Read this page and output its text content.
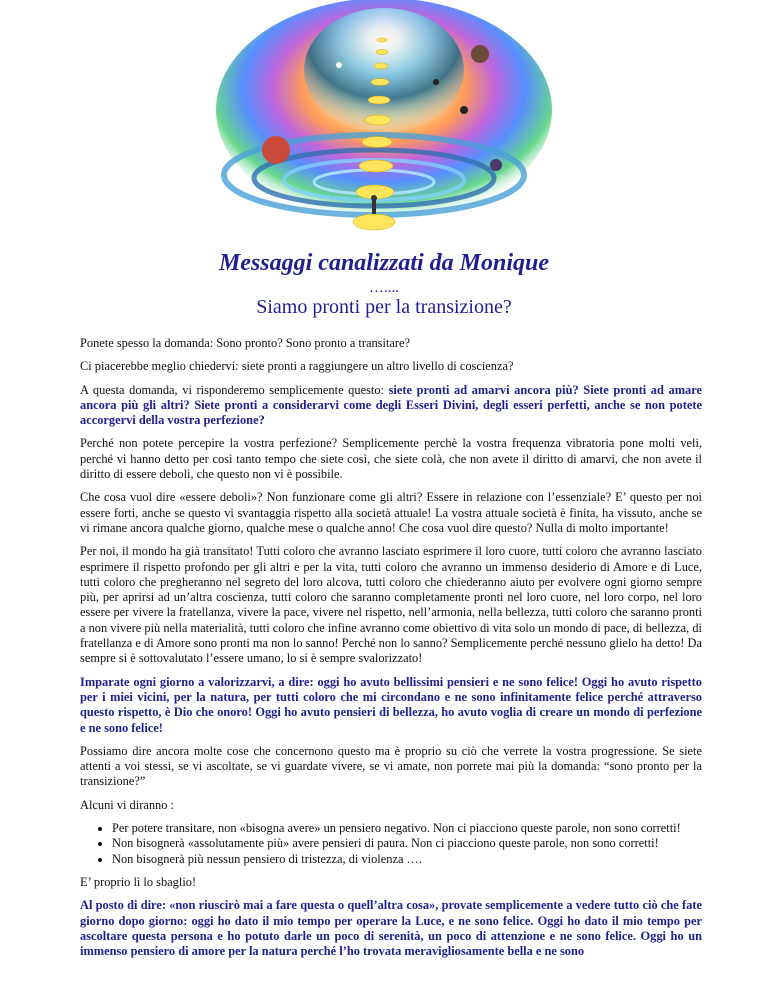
Messaggi canalizzati da Monique
…....
Siamo pronti per la transizione?

Ponete spesso la domanda: Sono pronto? Sono pronto a transitare?

Ci piacerebbe meglio chiedervi: siete pronti a raggiungere un altro livello di coscienza?

A questa domanda, vi risponderemo semplicemente questo: siete pronti ad amarvi ancora più? Siete pronti ad amare ancora più gli altri? Siete pronti a considerarvi come degli Esseri Divini, degli esseri perfetti, anche se non potete accorgervi della vostra perfezione?

Perché non potete percepire la vostra perfezione? Semplicemente perchè la vostra frequenza vibratoria pone molti veli, perché vi hanno detto per così tanto tempo che siete così, che siete colà, che non avete il diritto di amarvi, che non avete il diritto di essere deboli, che questo non vi è possibile.

Che cosa vuol dire «essere deboli»? Non funzionare come gli altri? Essere in relazione con l’essenziale? E’ questo per noi essere forti, anche se questo vi svantaggia rispetto alla società attuale! La vostra attuale società è finita, ha vissuto, anche se vi rimane ancora qualche giorno, qualche mese o qualche anno! Che cosa vuol dire questo? Nulla di molto importante!

Per noi, il mondo ha già transitato! Tutti coloro che avranno lasciato esprimere il loro cuore, tutti coloro che avranno lasciato esprimere il rispetto profondo per gli altri e per la vita, tutti coloro che avranno un immenso desiderio di Amore e di Luce, tutti coloro che pregheranno nel segreto del loro alcova, tutti coloro che chiederanno aiuto per evolvere ogni giorno sempre più, per aprirsi ad un’altra coscienza, tutti coloro che saranno completamente pronti nel loro cuore, nel loro corpo, nel loro essere per vivere la fratellanza, vivere la pace, vivere nel rispetto, nell’armonia, nella bellezza, tutti coloro che saranno pronti a non vivere più nella materialità, tutti coloro che infine avranno come obiettivo di vita solo un mondo di pace, di bellezza, di fratellanza e di Amore sono pronti ma non lo sanno! Perché non lo sanno? Semplicemente perché nessuno glielo ha detto! Da sempre si è sottovalutato l’essere umano, lo si è sempre svalorizzato!

Imparate ogni giorno a valorizzarvi, a dire: oggi ho avuto bellissimi pensieri e ne sono felice! Oggi ho avuto rispetto per i miei vicini, per la natura, per tutti coloro che mi circondano e ne sono infinitamente felice perché attraverso questo rispetto, è Dio che onoro! Oggi ho avuto pensieri di bellezza, ho avuto voglia di creare un mondo di perfezione e ne sono felice!

Possiamo dire ancora molte cose che concernono questo ma è proprio su ciò che verrete la vostra progressione. Se siete attenti a voi stessi, se vi ascoltate, se vi guardate vivere, se vi amate, non porrete mai più la domanda: “sono pronto per la transizione?”

Alcuni vi diranno :

• Per potere transitare, non «bisogna avere» un pensiero negativo. Non ci piacciono queste parole, non sono corretti!
• Non bisognerà «assolutamente più» avere pensieri di paura. Non ci piacciono queste parole, non sono corretti!
• Non bisognerà più nessun pensiero di tristezza, di violenza ….

E’ proprio lì lo sbaglio!

Al posto di dire: «non riuscirò mai a fare questa o quell’altra cosa», provate semplicemente a vedere tutto ciò che fate giorno dopo giorno: oggi ho dato il mio tempo per operare la Luce, e ne sono felice. Oggi ho dato il mio tempo per ascoltare questa persona e ho potuto darle un poco di serenità, un poco di attenzione e ne sono felice. Oggi ho un immenso pensiero di amore per la natura perché l’ho trovata meravigliosamente bella e ne sono
